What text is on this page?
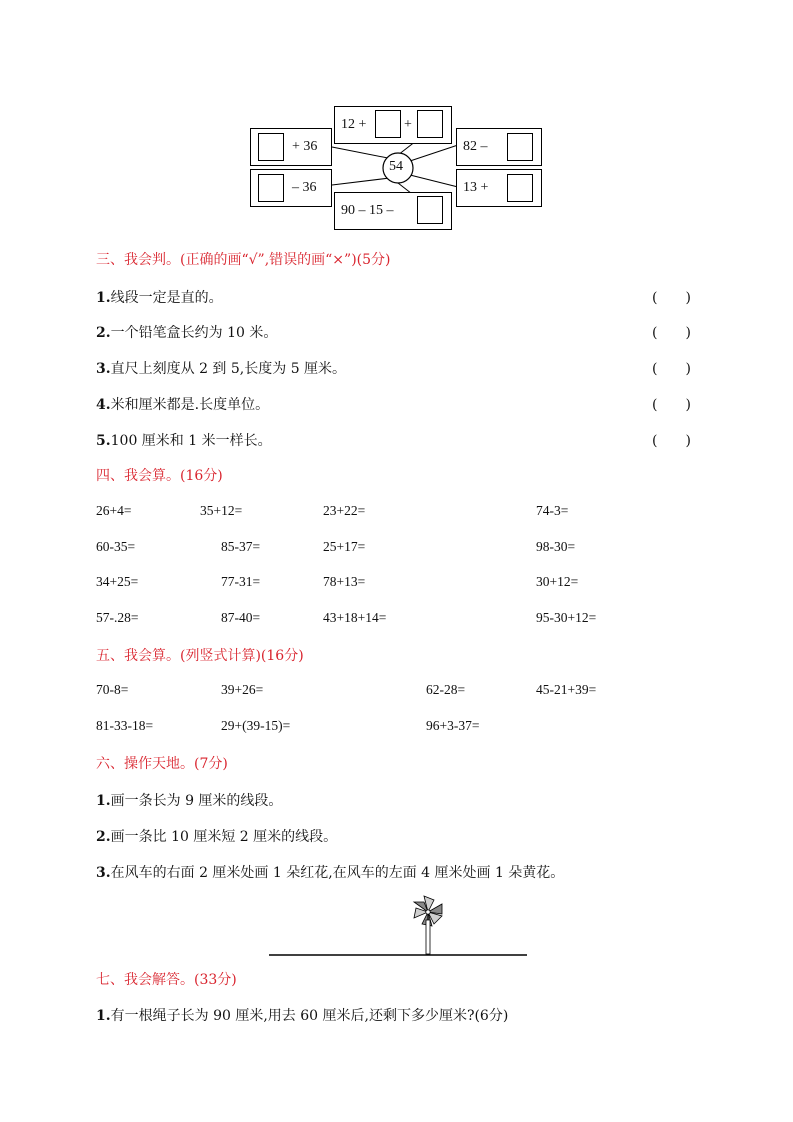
54
12 +	+
+ 36
– 36
82 –
13 +
90 – 15 –
三、我会判。(正确的画“√”,错误的画“×”)(5分)
1.线段一定是直的。	(　　)
2.一个铅笔盒长约为 10 米。	(　　)
3.直尺上刻度从 2 到 5,长度为 5 厘米。	(　　)
4.米和厘米都是.长度单位。	(　　)
5.100 厘米和 1 米一样长。	(　　)
四、我会算。(16分)
26+4=	35+12=	23+22=	74-3=
60-35=	85-37=	25+17=	98-30=
34+25=	77-31=	78+13=	30+12=
57-.28=	87-40=	43+18+14=	95-30+12=
五、我会算。(列竖式计算)(16分)
70-8=	39+26=	62-28=	45-21+39=
81-33-18=	29+(39-15)=	96+3-37=
六、操作天地。(7分)
1.画一条长为 9 厘米的线段。
2.画一条比 10 厘米短 2 厘米的线段。
3.在风车的右面 2 厘米处画 1 朵红花,在风车的左面 4 厘米处画 1 朵黄花。
七、我会解答。(33分)
1.有一根绳子长为 90 厘米,用去 60 厘米后,还剩下多少厘米?(6分)
